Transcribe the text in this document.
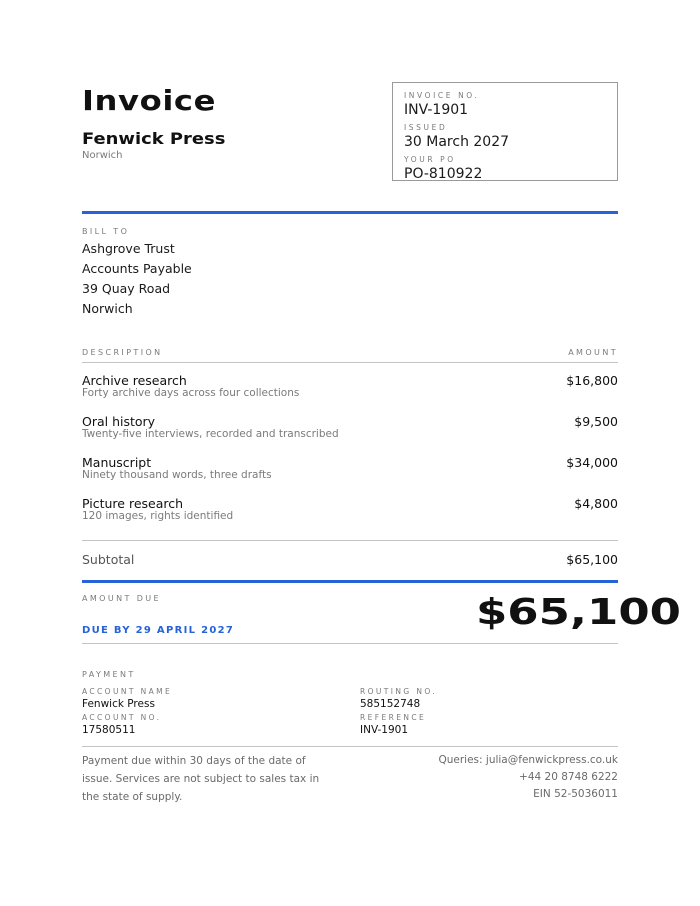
Invoice
Fenwick Press
Norwich
INVOICE NO.
INV-1901
ISSUED
30 March 2027
YOUR PO
PO-810922
BILL TO
Ashgrove Trust
Accounts Payable
39 Quay Road
Norwich
DESCRIPTION	AMOUNT
Archive research
Forty archive days across four collections
$16,800
Oral history
Twenty-five interviews, recorded and transcribed
$9,500
Manuscript
Ninety thousand words, three drafts
$34,000
Picture research
120 images, rights identified
$4,800
Subtotal	$65,100
AMOUNT DUE
DUE BY 29 APRIL 2027	$65,100
PAYMENT
ACCOUNT NAME
Fenwick Press
ACCOUNT NO.
17580511
ROUTING NO.
585152748
REFERENCE
INV-1901
Payment due within 30 days of the date of issue. Services are not subject to sales tax in the state of supply.
Queries: julia@fenwickpress.co.uk
+44 20 8748 6222
EIN 52-5036011
